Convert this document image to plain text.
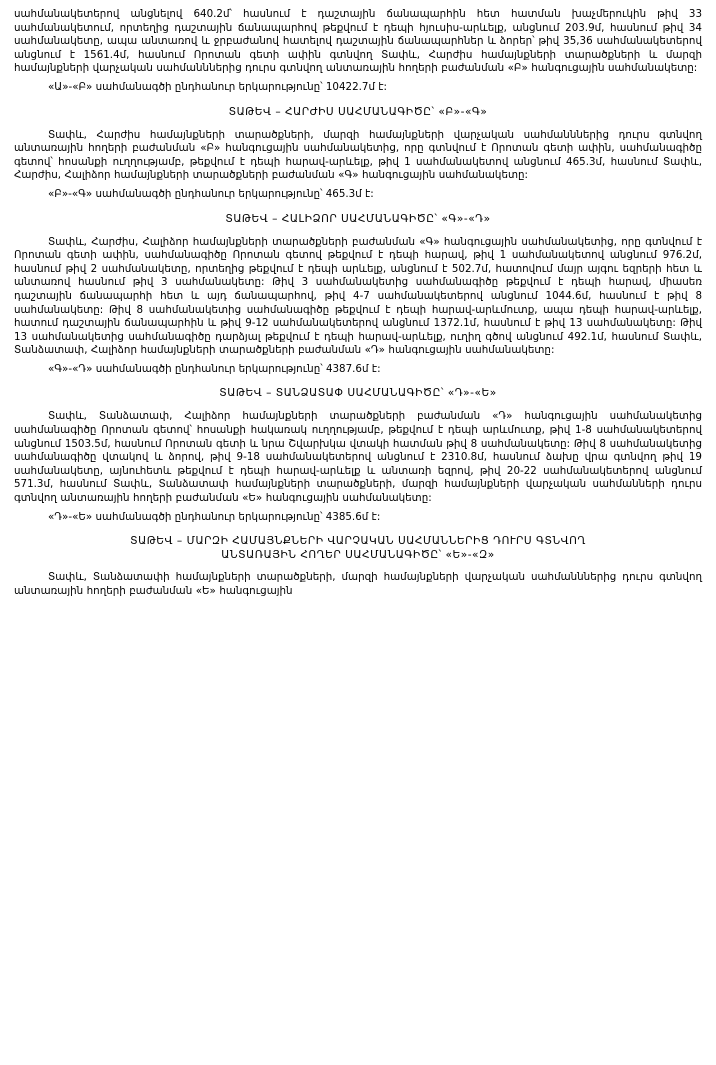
սահմանակետերով անցնելով 640.2մ՝ հասնում է դաշտային ճանապարհին հետ հատման խաչմերուկին թիվ 33 սահմանակետում, որտեղից դաշտային ճանապարհով թեքվում է դեպի հյուսիս-արևելք, անցնում 203.9մ, հասնում թիվ 34 սահմանակետը, ապա անտառով և ջրբաժանով հատելով դաշտային ճանապարհներ և ձորեր՝ թիվ 35,36 սահմանակետերով անցնում է 1561.4մ, հասնում Որոտան գետի ափին գտնվող Տափև, Հարժիս համայնքների տարածքների և մարզի համայնքների վարչական սահմանններից դուրս գտնվող անտառային հողերի բաժանման «Բ» հանգուցային սահմանակետը:

«Ա»-«Բ» սահմանագծի ընդհանուր երկարությունը՝ 10422.7մ է:

ՏԱԹԵՎ – ՀԱՐԺԻՍ ՍԱՀՄԱՆԱԳԻԾԸ՝ «Բ»-«Գ»

Տափև, Հարժիս համայնքների տարածքների, մարզի համայնքների վարչական սահմանններից դուրս գտնվող անտառային հողերի բաժանման «Բ» հանգուցային սահմանակետից, որը գտնվում է Որոտան գետի ափին, սահմանագիծը գետով՝ հոսանքի ուղղությամբ, թեքվում է դեպի հարավ-արևելք, թիվ 1 սահմանակետով անցնում 465.3մ, հասնում Տափև, Հարժիս, Հալիձոր համայնքների տարածքների բաժանման «Գ» հանգուցային սահմանակետը:

«Բ»-«Գ» սահմանագծի ընդհանուր երկարությունը՝ 465.3մ է:

ՏԱԹԵՎ – ՀԱԼԻՁՈՐ ՍԱՀՄԱՆԱԳԻԾԸ՝ «Գ»-«Դ»

Տափև, Հարժիս, Հալիձոր համայնքների տարածքների բաժանման «Գ» հանգուցային սահմանակետից, որը գտնվում է Որոտան գետի ափին, սահմանագիծը Որոտան գետով թեքվում է դեպի հարավ, թիվ 1 սահմանակետով անցնում 976.2մ, հասնում թիվ 2 սահմանակետը, որտեղից թեքվում է դեպի արևելք, անցնում է 502.7մ, հատովում մայր այգու եզրերի հետ և անտառով հասնում թիվ 3 սահմանակետը: Թիվ 3 սահմանակետից սահմանագիծը թեքվում է դեպի հարավ, միասեռ դաշտային ճանապարհի հետ և այդ ճանապարհով, թիվ 4-7 սահմանակետերով անցնում 1044.6մ, հասնում է թիվ 8 սահմանակետը: Թիվ 8 սահմանակետից սահմանագիծը թեքվում է դեպի հարավ-արևմուտք, ապա դեպի հարավ-արևելք, հատում դաշտային ճանապարհին և թիվ 9-12 սահմանակետերով անցնում 1372.1մ, հասնում է թիվ 13 սահմանակետը: Թիվ 13 սահմանակետից սահմանագիծը դարձյալ թեքվում է դեպի հարավ-արևելք, ուղիղ գծով անցնում 492.1մ, հասնում Տափև, Տանձատափ, Հալիձոր համայնքների տարածքների բաժանման «Դ» հանգուցային սահմանակետը:

«Գ»-«Դ» սահմանագծի ընդհանուր երկարությունը՝ 4387.6մ է:

ՏԱԹԵՎ – ՏԱՆՁԱՏԱՓ ՍԱՀՄԱՆԱԳԻԾԸ՝ «Դ»-«Ե»

Տափև, Տանձատափ, Հալիձոր համայնքների տարածքների բաժանման «Դ» հանգուցային սահմանակետից սահմանագիծը Որոտան գետով՝ հոսանքի հակառակ ուղղությամբ, թեքվում է դեպի արևմուտք, թիվ 1-8 սահմանակետերով անցնում 1503.5մ, հասնում Որոտան գետի և նրա Շվարխկա վտակի հատման թիվ 8 սահմանակետը: Թիվ 8 սահմանակետից սահմանագիծը վտակով և ձորով, թիվ 9-18 սահմանակետերով անցնում է 2310.8մ, հասնում ձախը վրա գտնվող թիվ 19 սահմանակետը, այնուհետև թեքվում է դեպի հարավ-արևելք և անտառի եզրով, թիվ 20-22 սահմանակետերով անցնում 571.3մ, հասնում Տափև, Տանձատափ համայնքների տարածքների, մարզի համայնքների վարչական սահմանների դուրս գտնվող անտառային հողերի բաժանման «Ե» հանգուցային սահմանակետը:

«Դ»-«Ե» սահմանագծի ընդհանուր երկարությունը՝ 4385.6մ է:

ՏԱԹԵՎ – ՄԱՐԶԻ ՀԱՄԱՅՆՔՆԵՐԻ ՎԱՐՉԱԿԱՆ ՍԱՀՄԱՆՆԵՐԻՑ ԴՈՒՐՍ ԳՏՆՎՈՂ
ԱՆՏԱՌԱՅԻՆ ՀՈՂԵՐ ՍԱՀՄԱՆԱԳԻԾԸ՝ «Ե»-«Զ»

Տափև, Տանձատափի համայնքների տարածքների, մարզի համայնքների վարչական սահմանններից դուրս գտնվող անտառային հողերի բաժանման «Ե» հանգուցային
